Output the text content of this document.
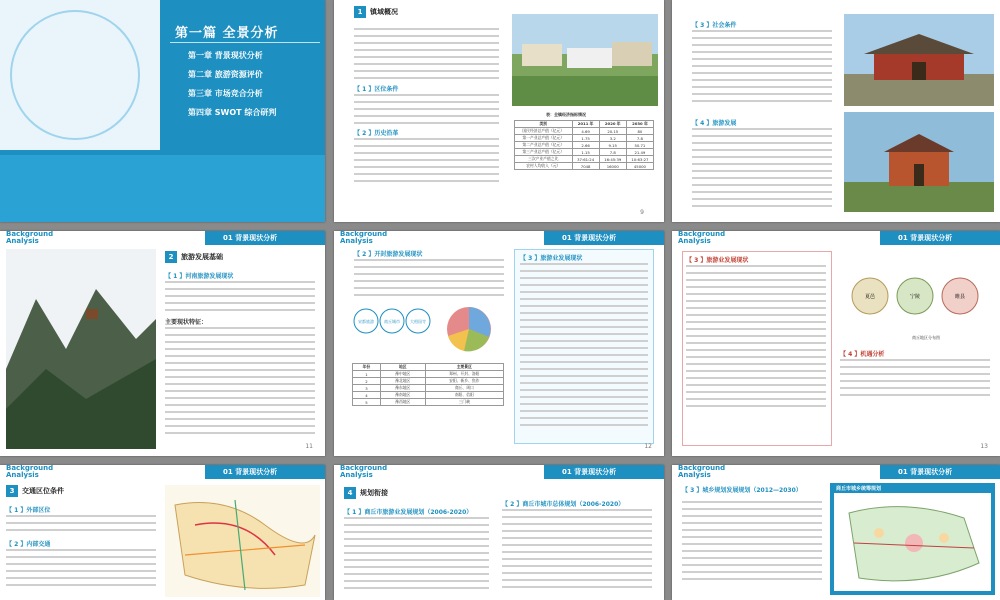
第一篇 全景分析
第一章 背景现状分析
第二章 旅游资源评价
第三章 市场竞合分析
第四章 SWOT 综合研判
1 镇域概况
【 1 】区位条件
【 2 】历史沿革
表：全镇经济指标情况
类别	2011 年	2020 年	2030 年
国民经济总产值（亿元）	4.69	20.15	80
第一产业总产值（亿元）	1.75	3.2	7.8
第二产业总产值（亿元）	2.66	9.15	50.71
第三产业总产值（亿元）	1.15	7.8	21.49
三次产业产值之比	37:61:24	16:45:39	10:63:27
农村人均收入（元）	7048	16000	45000
9
【 3 】社会条件
【 4 】旅游发展
Background
Analysis	01 背景现状分析
2 旅游发展基础
【 1 】河南旅游发展现状
主要现状特征：
11
Background
Analysis	01 背景现状分析
【 2 】开封旅游发展现状
宋都旅游	商丘城市	大相国寺
年份	地区	主要景区
1	豫中地区	郑州、开封、洛阳
2	豫北地区	安阳、新乡、焦作
3	豫东地区	商丘、周口
4	豫南地区	南阳、信阳
5	豫西地区	三门峡
【 3 】旅游业发展现状
12
Background
Analysis	01 背景现状分析
【 3 】旅游业发展现状
夏邑	宁陵	睢县
商丘地区分布图
【 4 】机遇分析
13
Background
Analysis	01 背景现状分析
3 交通区位条件
【 1 】外部区位
【 2 】内部交通
Background
Analysis	01 背景现状分析
4 规划衔接
【 1 】商丘市旅游业发展规划（2006-2020）
【 2 】商丘市城市总体规划（2006-2020）
Background
Analysis	01 背景现状分析
【 3 】城乡规划发展规划（2012—2030）	商丘市城乡统筹规划
